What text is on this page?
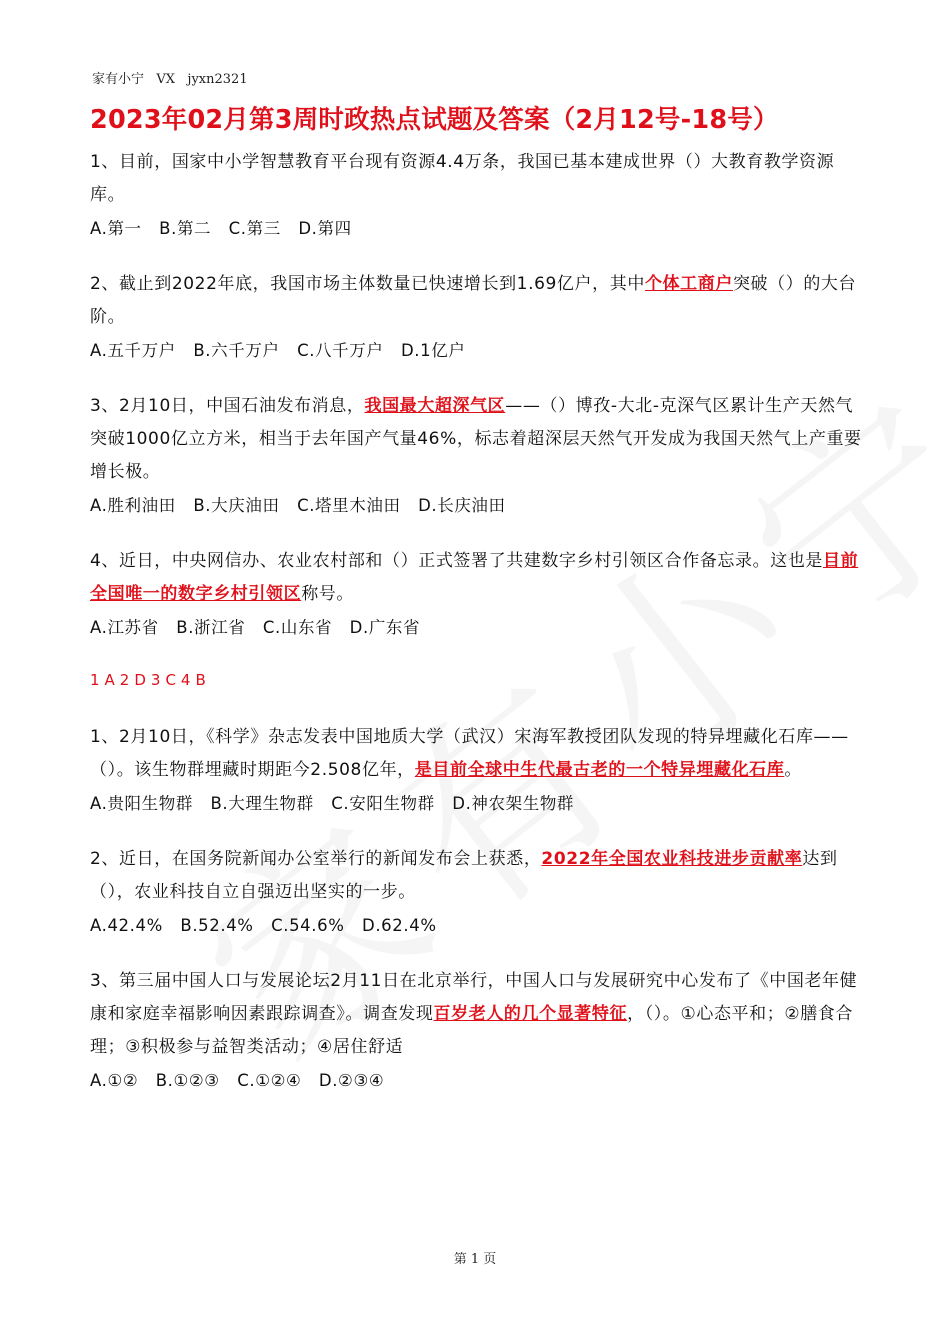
家有小宁   VX   jyxn2321
2023年02月第3周时政热点试题及答案（2月12号-18号）
1、目前，国家中小学智慧教育平台现有资源4.4万条，我国已基本建成世界（）大教育教学资源库。
A.第一   B.第二   C.第三   D.第四
2、截止到2022年底，我国市场主体数量已快速增长到1.69亿户，其中个体工商户突破（）的大台阶。
A.五千万户   B.六千万户   C.八千万户   D.1亿户
3、2月10日，中国石油发布消息，我国最大超深气区——（）博孜-大北-克深气区累计生产天然气突破1000亿立方米，相当于去年国产气量46%，标志着超深层天然气开发成为我国天然气上产重要增长极。
A.胜利油田   B.大庆油田   C.塔里木油田   D.长庆油田
4、近日，中央网信办、农业农村部和（）正式签署了共建数字乡村引领区合作备忘录。这也是目前全国唯一的数字乡村引领区称号。
A.江苏省   B.浙江省   C.山东省   D.广东省
1A2D3C4B
1、2月10日，《科学》杂志发表中国地质大学（武汉）宋海军教授团队发现的特异埋藏化石库——（）。该生物群埋藏时期距今2.508亿年，是目前全球中生代最古老的一个特异埋藏化石库。
A.贵阳生物群   B.大理生物群   C.安阳生物群   D.神农架生物群
2、近日，在国务院新闻办公室举行的新闻发布会上获悉，2022年全国农业科技进步贡献率达到（），农业科技自立自强迈出坚实的一步。
A.42.4%   B.52.4%   C.54.6%   D.62.4%
3、第三届中国人口与发展论坛2月11日在北京举行，中国人口与发展研究中心发布了《中国老年健康和家庭幸福影响因素跟踪调查》。调查发现百岁老人的几个显著特征，（）。①心态平和；②膳食合理；③积极参与益智类活动；④居住舒适
A.①②   B.①②③   C.①②④   D.②③④
第 1 页
